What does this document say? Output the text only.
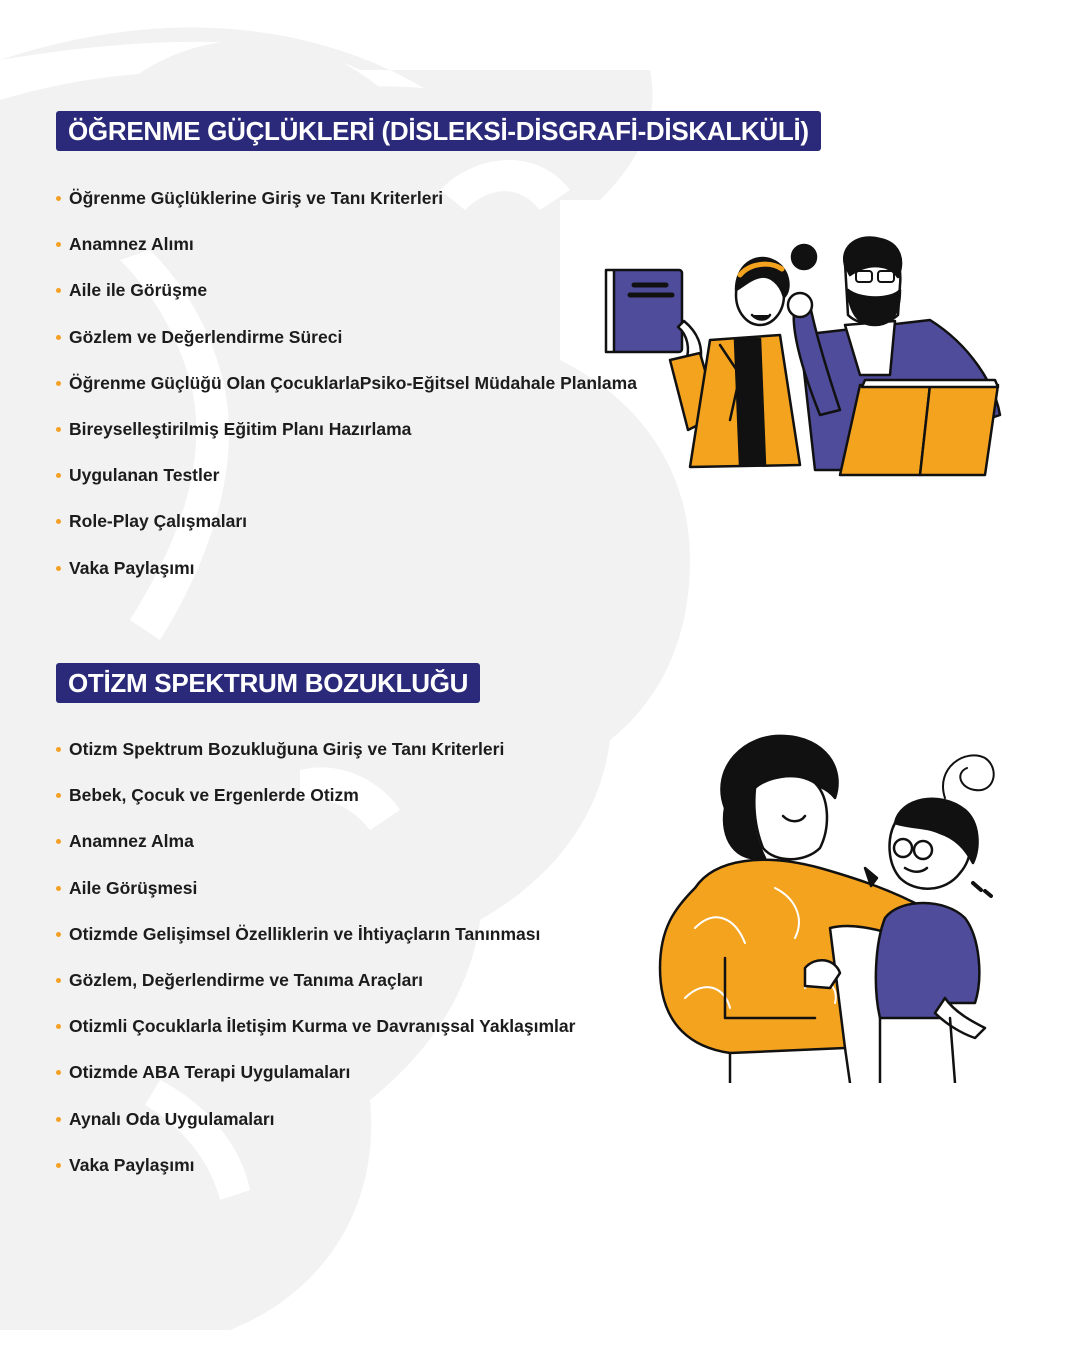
ÖĞRENME GÜÇLÜKLERİ (DİSLEKSİ-DİSGRAFİ-DİSKALKÜLİ)
Öğrenme Güçlüklerine Giriş ve Tanı Kriterleri
Anamnez Alımı
Aile ile Görüşme
Gözlem ve Değerlendirme Süreci
Öğrenme Güçlüğü Olan ÇocuklarlaPsiko-Eğitsel Müdahale Planlama
Bireyselleştirilmiş Eğitim Planı Hazırlama
Uygulanan Testler
Role-Play Çalışmaları
Vaka Paylaşımı
OTİZM SPEKTRUM BOZUKLUĞU
Otizm Spektrum Bozukluğuna Giriş ve Tanı Kriterleri
Bebek, Çocuk ve Ergenlerde Otizm
Anamnez Alma
Aile Görüşmesi
Otizmde Gelişimsel Özelliklerin ve İhtiyaçların Tanınması
Gözlem, Değerlendirme ve Tanıma Araçları
Otizmli Çocuklarla İletişim Kurma ve Davranışsal Yaklaşımlar
Otizmde ABA Terapi Uygulamaları
Aynalı Oda Uygulamaları
Vaka Paylaşımı
